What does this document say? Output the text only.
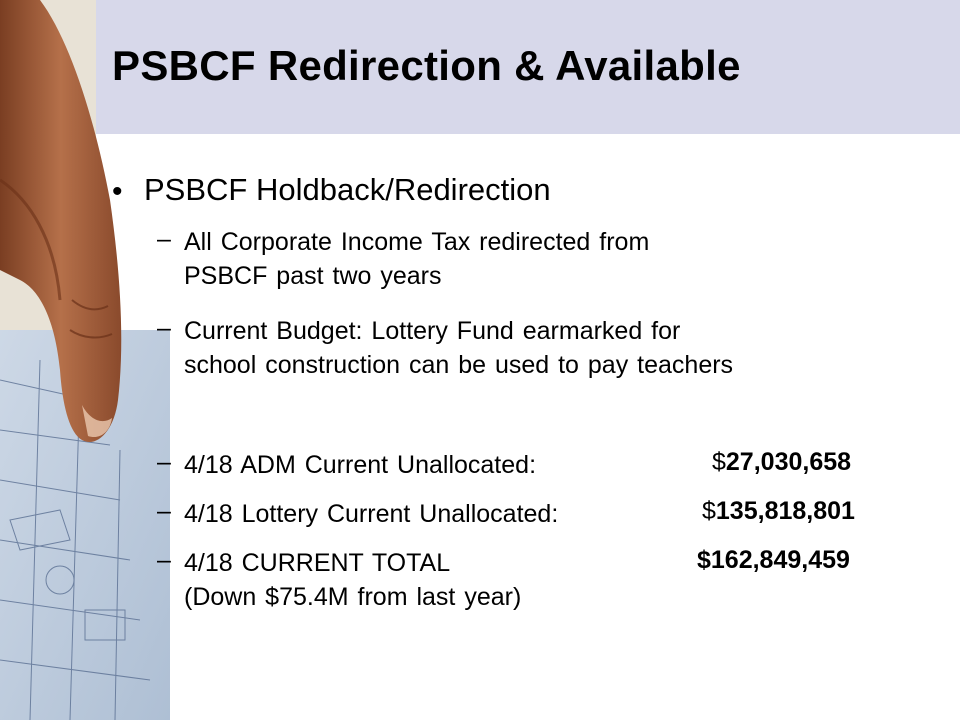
PSBCF Redirection & Available
• PSBCF Holdback/Redirection
– All Corporate Income Tax redirected from
PSBCF past two years
– Current Budget: Lottery Fund earmarked for
school construction can be used to pay teachers
– 4/18 ADM Current Unallocated:	$27,030,658
– 4/18 Lottery Current Unallocated:	$135,818,801
– 4/18 CURRENT TOTAL
(Down $75.4M from last year)
$162,849,459
